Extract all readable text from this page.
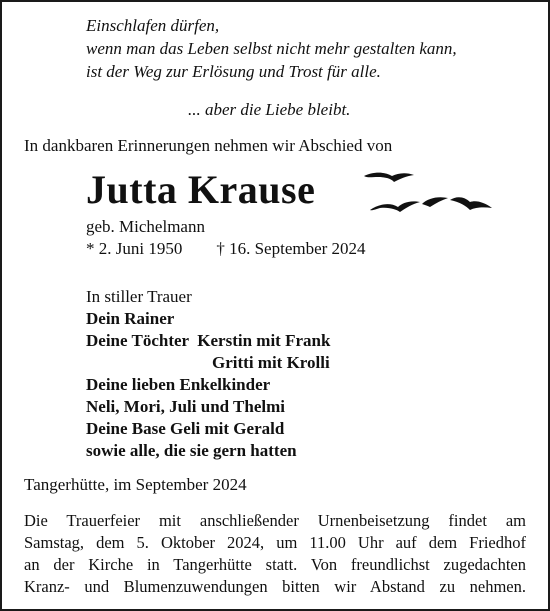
Einschlafen dürfen,
wenn man das Leben selbst nicht mehr gestalten kann,
ist der Weg zur Erlösung und Trost für alle.
... aber die Liebe bleibt.
In dankbaren Erinnerungen nehmen wir Abschied von
Jutta Krause
geb. Michelmann
* 2. Juni 1950 † 16. September 2024
In stiller Trauer
Dein Rainer
Deine Töchter  Kerstin mit Frank
Gritti mit Krolli
Deine lieben Enkelkinder
Neli, Mori, Juli und Thelmi
Deine Base Geli mit Gerald
sowie alle, die sie gern hatten
Tangerhütte, im September 2024
Die Trauerfeier mit anschließender Urnenbeisetzung findet am
Samstag, dem 5. Oktober 2024, um 11.00 Uhr auf dem Friedhof
an der Kirche in Tangerhütte statt. Von freundlichst zugedachten
Kranz- und Blumenzuwendungen bitten wir Abstand zu nehmen.
